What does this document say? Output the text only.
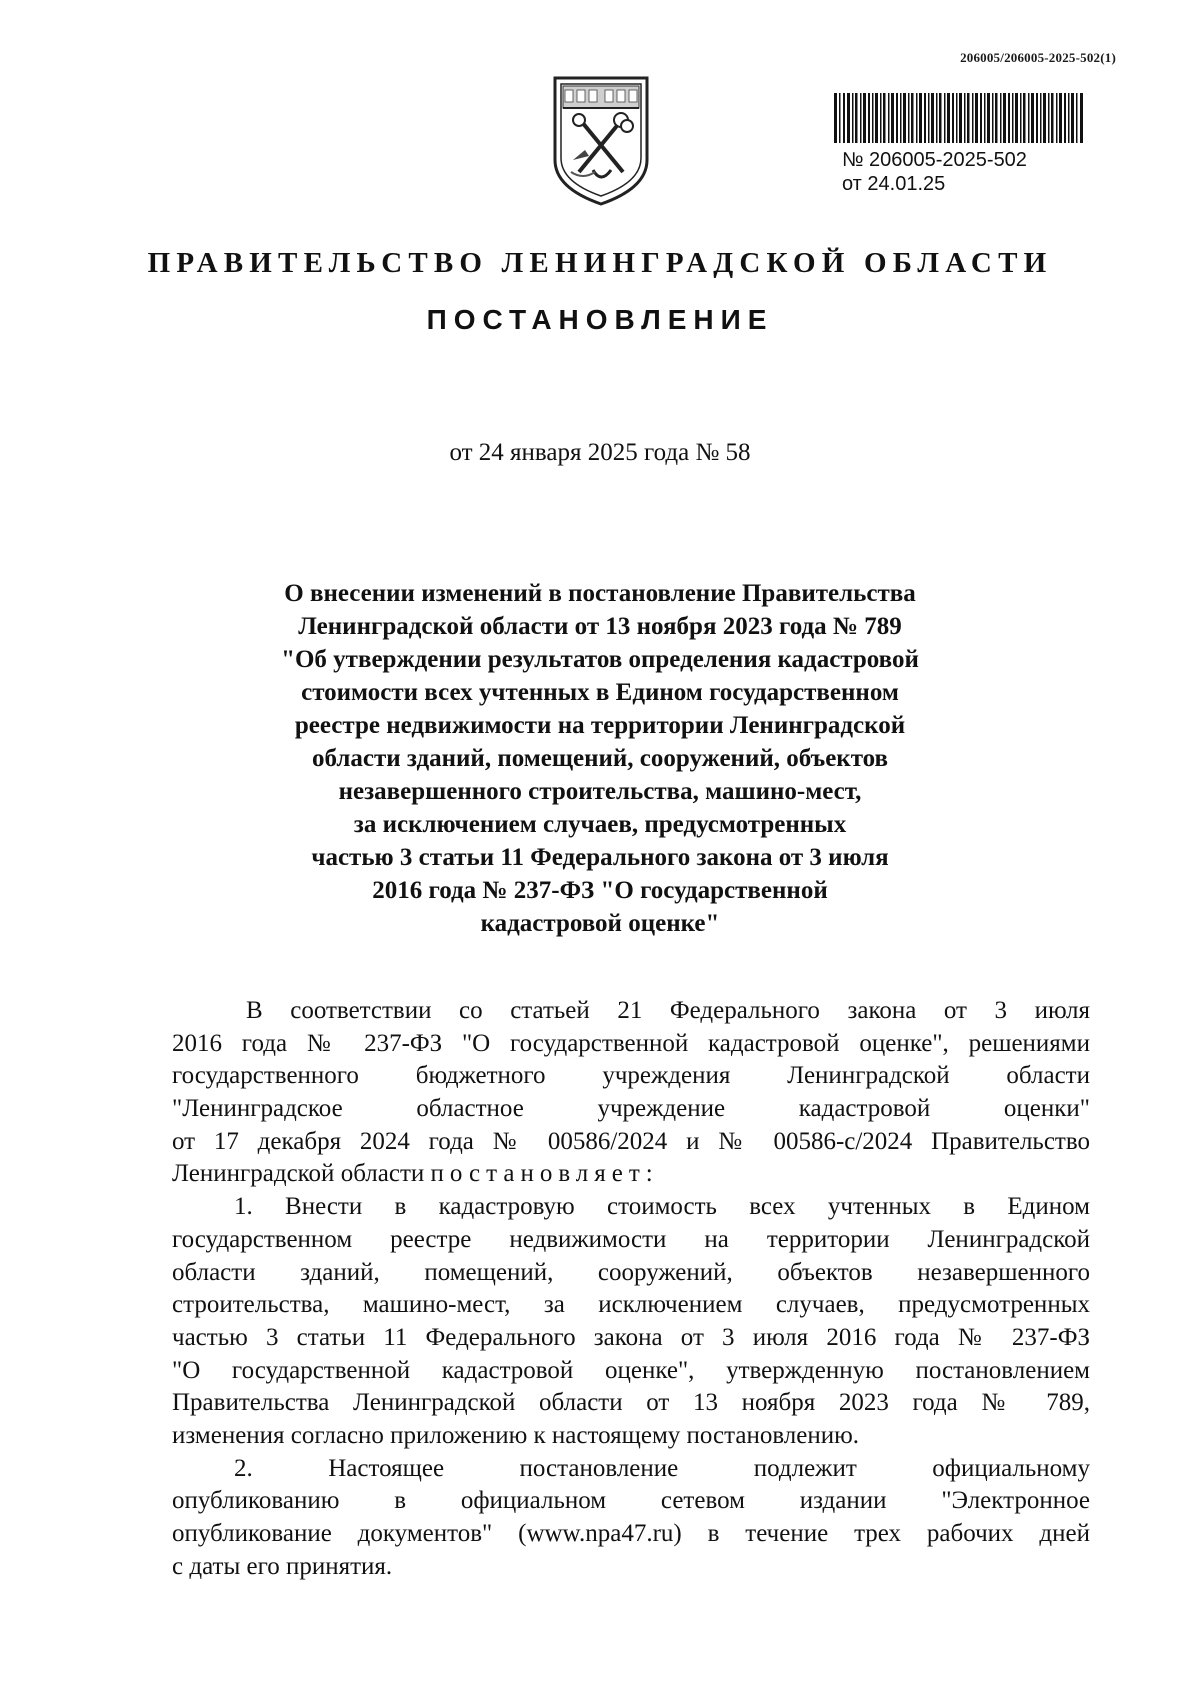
206005/206005-2025-502(1)
№ 206005-2025-502
от 24.01.25
ПРАВИТЕЛЬСТВО ЛЕНИНГРАДСКОЙ ОБЛАСТИ
ПОСТАНОВЛЕНИЕ
от 24 января 2025 года № 58
О внесении изменений в постановление Правительства
Ленинградской области от 13 ноября 2023 года № 789
"Об утверждении результатов определения кадастровой
стоимости всех учтенных в Едином государственном
реестре недвижимости на территории Ленинградской
области зданий, помещений, сооружений, объектов
незавершенного строительства, машино-мест,
за исключением случаев, предусмотренных
частью 3 статьи 11 Федерального закона от 3 июля
2016 года № 237-ФЗ "О государственной
кадастровой оценке"
В соответствии со статьей 21 Федерального закона от 3 июля
2016 года № 237-ФЗ "О государственной кадастровой оценке", решениями
государственного бюджетного учреждения Ленинградской области
"Ленинградское областное учреждение кадастровой оценки"
от 17 декабря 2024 года № 00586/2024 и № 00586-с/2024 Правительство
Ленинградской области постановляет:
1. Внести в кадастровую стоимость всех учтенных в Едином
государственном реестре недвижимости на территории Ленинградской
области зданий, помещений, сооружений, объектов незавершенного
строительства, машино-мест, за исключением случаев, предусмотренных
частью 3 статьи 11 Федерального закона от 3 июля 2016 года № 237-ФЗ
"О государственной кадастровой оценке", утвержденную постановлением
Правительства Ленинградской области от 13 ноября 2023 года № 789,
изменения согласно приложению к настоящему постановлению.
2. Настоящее постановление подлежит официальному
опубликованию в официальном сетевом издании "Электронное
опубликование документов" (www.npa47.ru) в течение трех рабочих дней
с даты его принятия.
